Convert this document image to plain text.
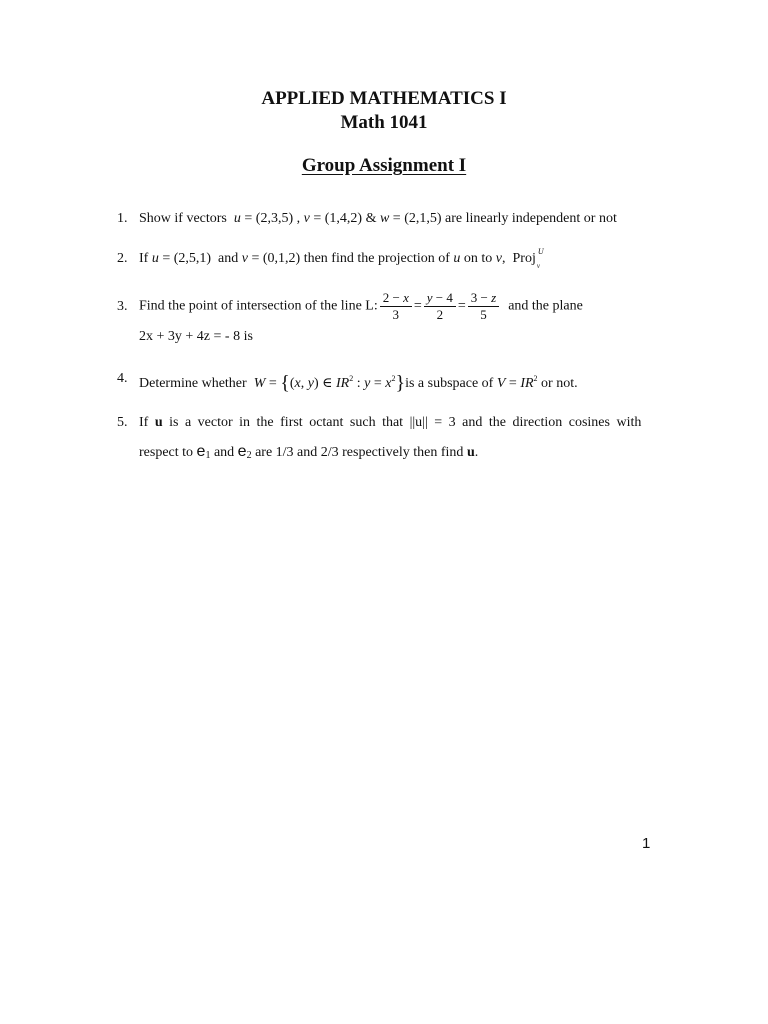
APPLIED MATHEMATICS I
Math 1041
Group Assignment I
1. Show if vectors  u = (2,3,5) , v = (1,4,2) & w = (2,1,5) are linearly independent or not
2. If u = (2,5,1)  and v = (0,1,2) then find the projection of u on to v,  Proj U
v
3. Find the point of intersection of the line L: $\frac{2 - x}{3} = \frac{y - 4}{2} = \frac{3 - z}{5}$ and the plane
2x + 3y + 4z = - 8 is
4. Determine whether  W = {(x, y) ∈ $IR^2$ : $y = x^2\}is$ a subspace of $V = IR^2$ or not.
5. If u is a vector in the first octant such that ||u|| = 3 and the direction cosines with
respect to e1 and e2 are 1/3 and 2/3 respectively then find u.
1
